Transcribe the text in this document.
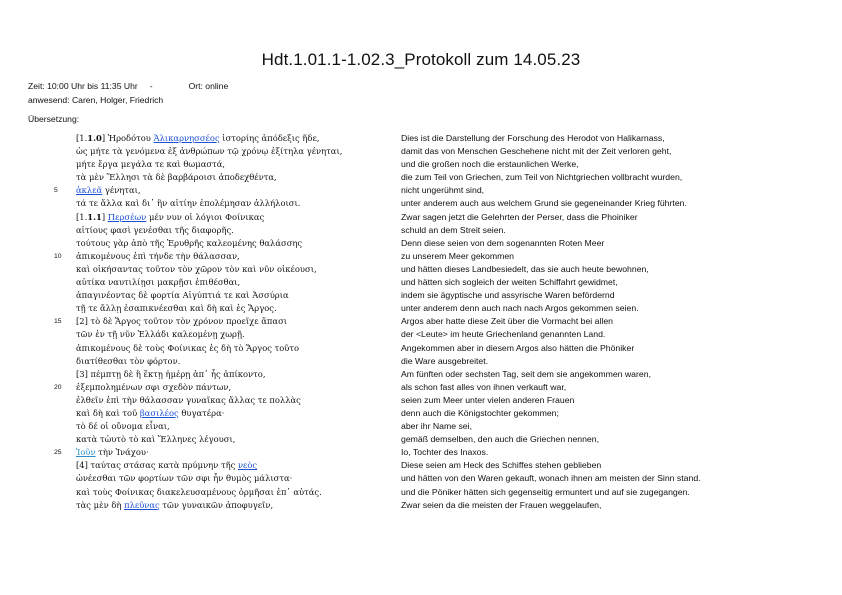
Hdt.1.01.1-1.02.3_Protokoll zum 14.05.23
Zeit: 10:00 Uhr bis 11:35 Uhr -	Ort: online
anwesend: Caren, Holger, Friedrich
Übersetzung:
[1.1.0] Ἡροδότου Ἁλικαρνησσέος ἱστορίης ἀπόδεξις ἥδε,	Dies ist die Darstellung der Forschung des Herodot von Halikarnass,
ὡς μήτε τὰ γενόμενα ἐξ ἀνθρώπων τῷ χρόνῳ ἐξίτηλα γένηται,	damit das von Menschen Geschehene nicht mit der Zeit verloren geht,
μήτε ἔργα μεγάλα τε καὶ θωμαστά,	und die großen noch die erstaunlichen Werke,
τὰ μὲν Ἕλλησι τὰ δὲ βαρβάροισι ἀποδεχθέντα,	die zum Teil von Griechen, zum Teil von Nichtgriechen vollbracht wurden,
5 ἀκλεᾶ γένηται,	nicht ungerühmt sind,
τά τε ἄλλα καὶ δι᾽ ἣν αἰτίην ἐπολέμησαν ἀλλήλοισι.	unter anderem auch aus welchem Grund sie gegeneinander Krieg führten.
[1.1.1] Περσέων μέν νυν οἱ λόγιοι Φοίνικας	Zwar sagen jetzt die Gelehrten der Perser, dass die Phoiniker
αἰτίους φασὶ γενέσθαι τῆς διαφορῆς.	schuld an dem Streit seien.
τούτους γὰρ ἀπὸ τῆς Ἐρυθρῆς καλεομένης θαλάσσης	Denn diese seien von dem sogenannten Roten Meer
10 ἀπικομένους ἐπὶ τήνδε τὴν θάλασσαν,	zu unserem Meer gekommen
καὶ οἰκήσαντας τοῦτον τὸν χῶρον τὸν καὶ νῦν οἰκέουσι,	und hätten dieses Landbesiedelt, das sie auch heute bewohnen,
αὐτίκα ναυτιλίῃσι μακρῇσι ἐπιθέσθαι,	und hätten sich sogleich der weiten Schiffahrt gewidmet,
ἀπαγινέοντας δὲ φορτία Αἰγύπτιά τε καὶ Ἀσσύρια	indem sie ägyptische und assyrische Waren befördernd
τῇ τε ἄλλῃ ἐσαπικνέεσθαι καὶ δὴ καὶ ἐς Ἄργος.	unter anderem denn auch nach nach Argos gekommen seien.
15 [2] τὸ δὲ Ἄργος τοῦτον τὸν χρόνον προεῖχε ἅπασι	Argos aber hatte diese Zeit über die Vormacht bei allen
τῶν ἐν τῇ νῦν Ἑλλάδι καλεομένῃ χωρῇ.	der <Leute> im heute Griechenland genannten Land.
ἀπικομένους δὲ τοὺς Φοίνικας ἐς δὴ τὸ Ἄργος τοῦτο	Angekommen aber in diesem Argos also hätten die Phöniker
διατίθεσθαι τὸν φόρτον.	die Ware ausgebreitet.
[3] πέμπτῃ δὲ ἢ ἕκτῃ ἡμέρῃ ἀπ᾽ ἧς ἀπίκοντο,	Am fünften oder sechsten Tag, seit dem sie angekommen waren,
20 ἐξεμπολημένων σφι σχεδὸν πάντων,	als schon fast alles von ihnen verkauft war,
ἐλθεῖν ἐπὶ τὴν θάλασσαν γυναῖκας ἄλλας τε πολλὰς	seien zum Meer unter vielen anderen Frauen
καὶ δὴ καὶ τοῦ βασιλέος θυγατέρα·	denn auch die Königstochter gekommen;
τὸ δέ οἱ οὔνομα εἶναι,	aber ihr Name sei,
κατὰ τὠυτὸ τὸ καὶ Ἕλληνες λέγουσι,	gemäß demselben, den auch die Griechen nennen,
25 Ἰοῦν τὴν Ἰνάχου·	Io, Tochter des Inaxos.
[4] ταύτας στάσας κατὰ πρύμνην τῆς νεὸς	Diese seien am Heck des Schiffes stehen geblieben
ὠνέεσθαι τῶν φορτίων τῶν σφι ἦν θυμὸς μάλιστα·	und hätten von den Waren gekauft, wonach ihnen am meisten der Sinn stand.
καὶ τοὺς Φοίνικας διακελευσαμένους ὁρμῆσαι ἐπ᾽ αὐτάς.	und die Pöniker hätten sich gegenseitig ermuntert und auf sie zugegangen.
τὰς μὲν δὴ πλεῦνας τῶν γυναικῶν ἀποφυγεῖν,	Zwar seien da die meisten der Frauen weggelaufen,
